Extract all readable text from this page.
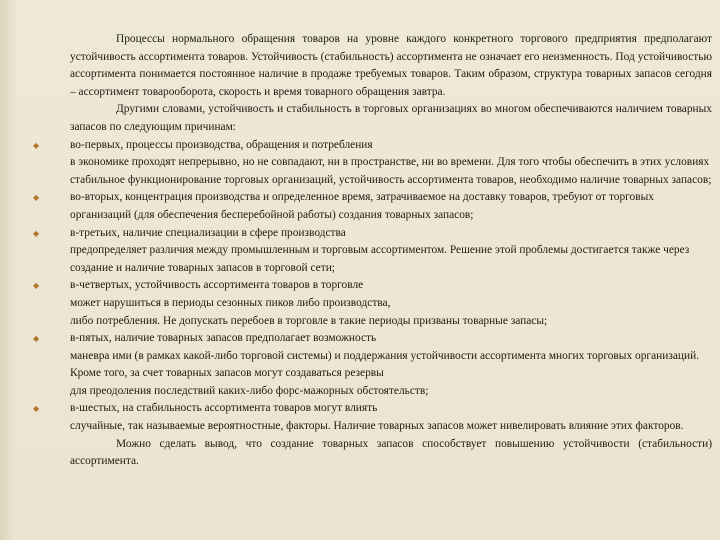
Процессы нормального обращения товаров на уровне каждого конкретного торгового предприятия предполагают устойчивость ассортимента товаров. Устойчивость (стабильность) ассортимента не означает его неизменность. Под устойчивостью ассортимента понимается постоянное наличие в продаже требуемых товаров. Таким образом, структура товарных запасов сегодня – ассортимент товарооборота, скорость и время товарного обращения завтра.

Другими словами, устойчивость и стабильность в торговых организациях во многом обеспечиваются наличием товарных запасов по следующим причинам:

◆	во-первых, процессы производства, обращения и потребления
в экономике проходят непрерывно, но не совпадают, ни в пространстве, ни во времени. Для того чтобы обеспечить в этих условиях стабильное функционирование торговых организаций, устойчивость ассортимента товаров, необходимо наличие товарных запасов;
◆	во-вторых, концентрация производства и определенное время, затрачиваемое на доставку товаров, требуют от торговых организаций (для обеспечения бесперебойной работы) создания товарных запасов;
◆	в-третьих, наличие специализации в сфере производства
предопределяет различия между промышленным и торговым ассортиментом. Решение этой проблемы достигается также через создание и наличие товарных запасов в торговой сети;
◆	в-четвертых, устойчивость ассортимента товаров в торговле
может нарушиться в периоды сезонных пиков либо производства,
либо потребления. Не допускать перебоев в торговле в такие периоды призваны товарные запасы;
◆	в-пятых, наличие товарных запасов предполагает возможность
маневра ими (в рамках какой-либо торговой системы) и поддержания устойчивости ассортимента многих торговых организаций. Кроме того, за счет товарных запасов могут создаваться резервы
для преодоления последствий каких-либо форс-мажорных обстоятельств;
◆	в-шестых, на стабильность ассортимента товаров могут влиять
случайные, так называемые вероятностные, факторы. Наличие товарных запасов может нивелировать влияние этих факторов.

Можно сделать вывод, что создание товарных запасов способствует повышению устойчивости (стабильности) ассортимента.
